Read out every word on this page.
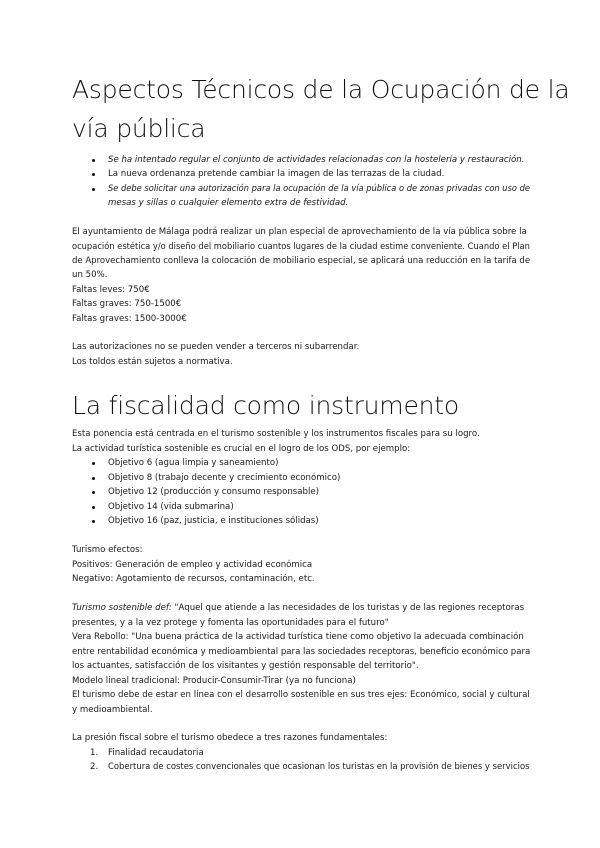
Aspectos Técnicos de la Ocupación de la
vía pública
Se ha intentado regular el conjunto de actividades relacionadas con la hostelería y restauración.
La nueva ordenanza pretende cambiar la imagen de las terrazas de la ciudad.
Se debe solicitar una autorización para la ocupación de la vía pública o de zonas privadas con uso de
mesas y sillas o cualquier elemento extra de festividad.
El ayuntamiento de Málaga podrá realizar un plan especial de aprovechamiento de la vía pública sobre la
ocupación estética y/o diseño del mobiliario cuantos lugares de la ciudad estime conveniente. Cuando el Plan
de Aprovechamiento conlleva la colocación de mobiliario especial, se aplicará una reducción en la tarifa de
un 50%.
Faltas leves: 750€
Faltas graves: 750-1500€
Faltas graves: 1500-3000€
Las autorizaciones no se pueden vender a terceros ni subarrendar.
Los toldos están sujetos a normativa.
La fiscalidad como instrumento
Esta ponencia está centrada en el turismo sostenible y los instrumentos fiscales para su logro.
La actividad turística sostenible es crucial en el logro de los ODS, por ejemplo:
Objetivo 6 (agua limpia y saneamiento)
Objetivo 8 (trabajo decente y crecimiento económico)
Objetivo 12 (producción y consumo responsable)
Objetivo 14 (vida submarina)
Objetivo 16 (paz, justicia, e instituciones sólidas)
Turismo efectos:
Positivos: Generación de empleo y actividad económica
Negativo: Agotamiento de recursos, contaminación, etc.
Turismo sostenible def: "Aquel que atiende a las necesidades de los turistas y de las regiones receptoras
presentes, y a la vez protege y fomenta las oportunidades para el futuro"
Vera Rebollo: "Una buena práctica de la actividad turística tiene como objetivo la adecuada combinación
entre rentabilidad económica y medioambiental para las sociedades receptoras, beneficio económico para
los actuantes, satisfacción de los visitantes y gestión responsable del territorio".
Modelo lineal tradicional: Producir-Consumir-Tirar (ya no funciona)
El turismo debe de estar en línea con el desarrollo sostenible en sus tres ejes: Económico, social y cultural
y medioambiental.
La presión fiscal sobre el turismo obedece a tres razones fundamentales:
1. Finalidad recaudatoria
2. Cobertura de costes convencionales que ocasionan los turistas en la provisión de bienes y servicios
